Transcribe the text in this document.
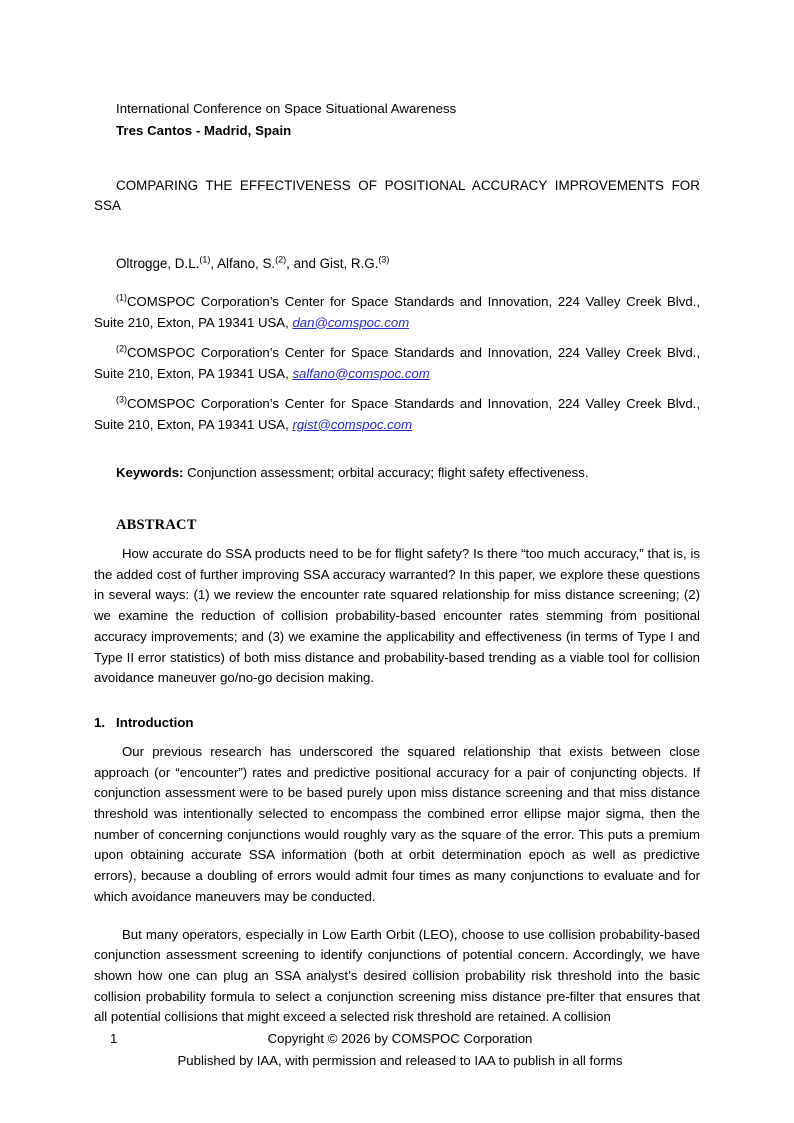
International Conference on Space Situational Awareness
Tres Cantos - Madrid, Spain
COMPARING THE EFFECTIVENESS OF POSITIONAL ACCURACY IMPROVEMENTS FOR SSA
Oltrogge, D.L.$^{(1)}$, Alfano, S.$^{(2)}$, and Gist, R.G.$^{(3)}$
$^{(1)}$COMSPOC Corporation’s Center for Space Standards and Innovation, 224 Valley Creek Blvd., Suite 210, Exton, PA 19341 USA, dan@comspoc.com
$^{(2)}$COMSPOC Corporation’s Center for Space Standards and Innovation, 224 Valley Creek Blvd., Suite 210, Exton, PA 19341 USA, salfano@comspoc.com
$^{(3)}$COMSPOC Corporation’s Center for Space Standards and Innovation, 224 Valley Creek Blvd., Suite 210, Exton, PA 19341 USA, rgist@comspoc.com
Keywords: Conjunction assessment; orbital accuracy; flight safety effectiveness.
ABSTRACT
How accurate do SSA products need to be for flight safety? Is there “too much accuracy,” that is, is the added cost of further improving SSA accuracy warranted? In this paper, we explore these questions in several ways: (1) we review the encounter rate squared relationship for miss distance screening; (2) we examine the reduction of collision probability-based encounter rates stemming from positional accuracy improvements; and (3) we examine the applicability and effectiveness (in terms of Type I and Type II error statistics) of both miss distance and probability-based trending as a viable tool for collision avoidance maneuver go/no-go decision making.
1. Introduction
Our previous research has underscored the squared relationship that exists between close approach (or “encounter”) rates and predictive positional accuracy for a pair of conjuncting objects. If conjunction assessment were to be based purely upon miss distance screening and that miss distance threshold was intentionally selected to encompass the combined error ellipse major sigma, then the number of concerning conjunctions would roughly vary as the square of the error. This puts a premium upon obtaining accurate SSA information (both at orbit determination epoch as well as predictive errors), because a doubling of errors would admit four times as many conjunctions to evaluate and for which avoidance maneuvers may be conducted.
But many operators, especially in Low Earth Orbit (LEO), choose to use collision probability-based conjunction assessment screening to identify conjunctions of potential concern. Accordingly, we have shown how one can plug an SSA analyst’s desired collision probability risk threshold into the basic collision probability formula to select a conjunction screening miss distance pre-filter that ensures that all potential collisions that might exceed a selected risk threshold are retained. A collision
1	Copyright © 2026 by COMSPOC Corporation
Published by IAA, with permission and released to IAA to publish in all forms
